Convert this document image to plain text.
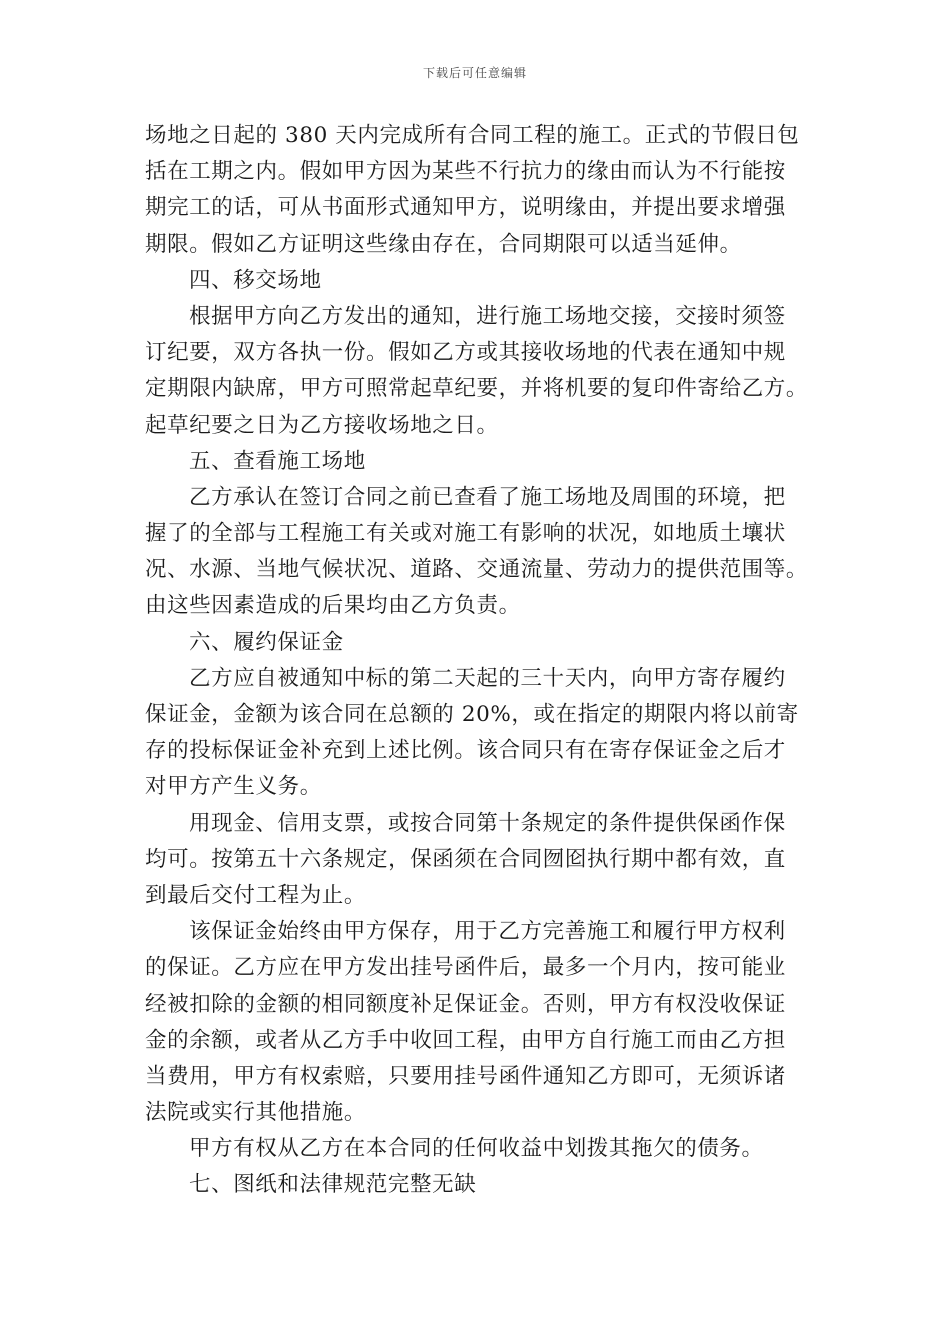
下载后可任意编辑
场地之日起的 380 天内完成所有合同工程的施工。正式的节假日包
括在工期之内。假如甲方因为某些不行抗力的缘由而认为不行能按
期完工的话，可从书面形式通知甲方，说明缘由，并提出要求增强
期限。假如乙方证明这些缘由存在，合同期限可以适当延伸。
四、移交场地
根据甲方向乙方发出的通知，进行施工场地交接，交接时须签
订纪要，双方各执一份。假如乙方或其接收场地的代表在通知中规
定期限内缺席，甲方可照常起草纪要，并将机要的复印件寄给乙方。
起草纪要之日为乙方接收场地之日。
五、查看施工场地
乙方承认在签订合同之前已查看了施工场地及周围的环境，把
握了的全部与工程施工有关或对施工有影响的状况，如地质土壤状
况、水源、当地气候状况、道路、交通流量、劳动力的提供范围等。
由这些因素造成的后果均由乙方负责。
六、履约保证金
乙方应自被通知中标的第二天起的三十天内，向甲方寄存履约
保证金，金额为该合同在总额的 20%，或在指定的期限内将以前寄
存的投标保证金补充到上述比例。该合同只有在寄存保证金之后才
对甲方产生义务。
用现金、信用支票，或按合同第十条规定的条件提供保函作保
均可。按第五十六条规定，保函须在合同囫囵执行期中都有效，直
到最后交付工程为止。
该保证金始终由甲方保存，用于乙方完善施工和履行甲方权利
的保证。乙方应在甲方发出挂号函件后，最多一个月内，按可能业
经被扣除的金额的相同额度补足保证金。否则，甲方有权没收保证
金的余额，或者从乙方手中收回工程，由甲方自行施工而由乙方担
当费用，甲方有权索赔，只要用挂号函件通知乙方即可，无须诉诸
法院或实行其他措施。
甲方有权从乙方在本合同的任何收益中划拨其拖欠的债务。
七、图纸和法律规范完整无缺
